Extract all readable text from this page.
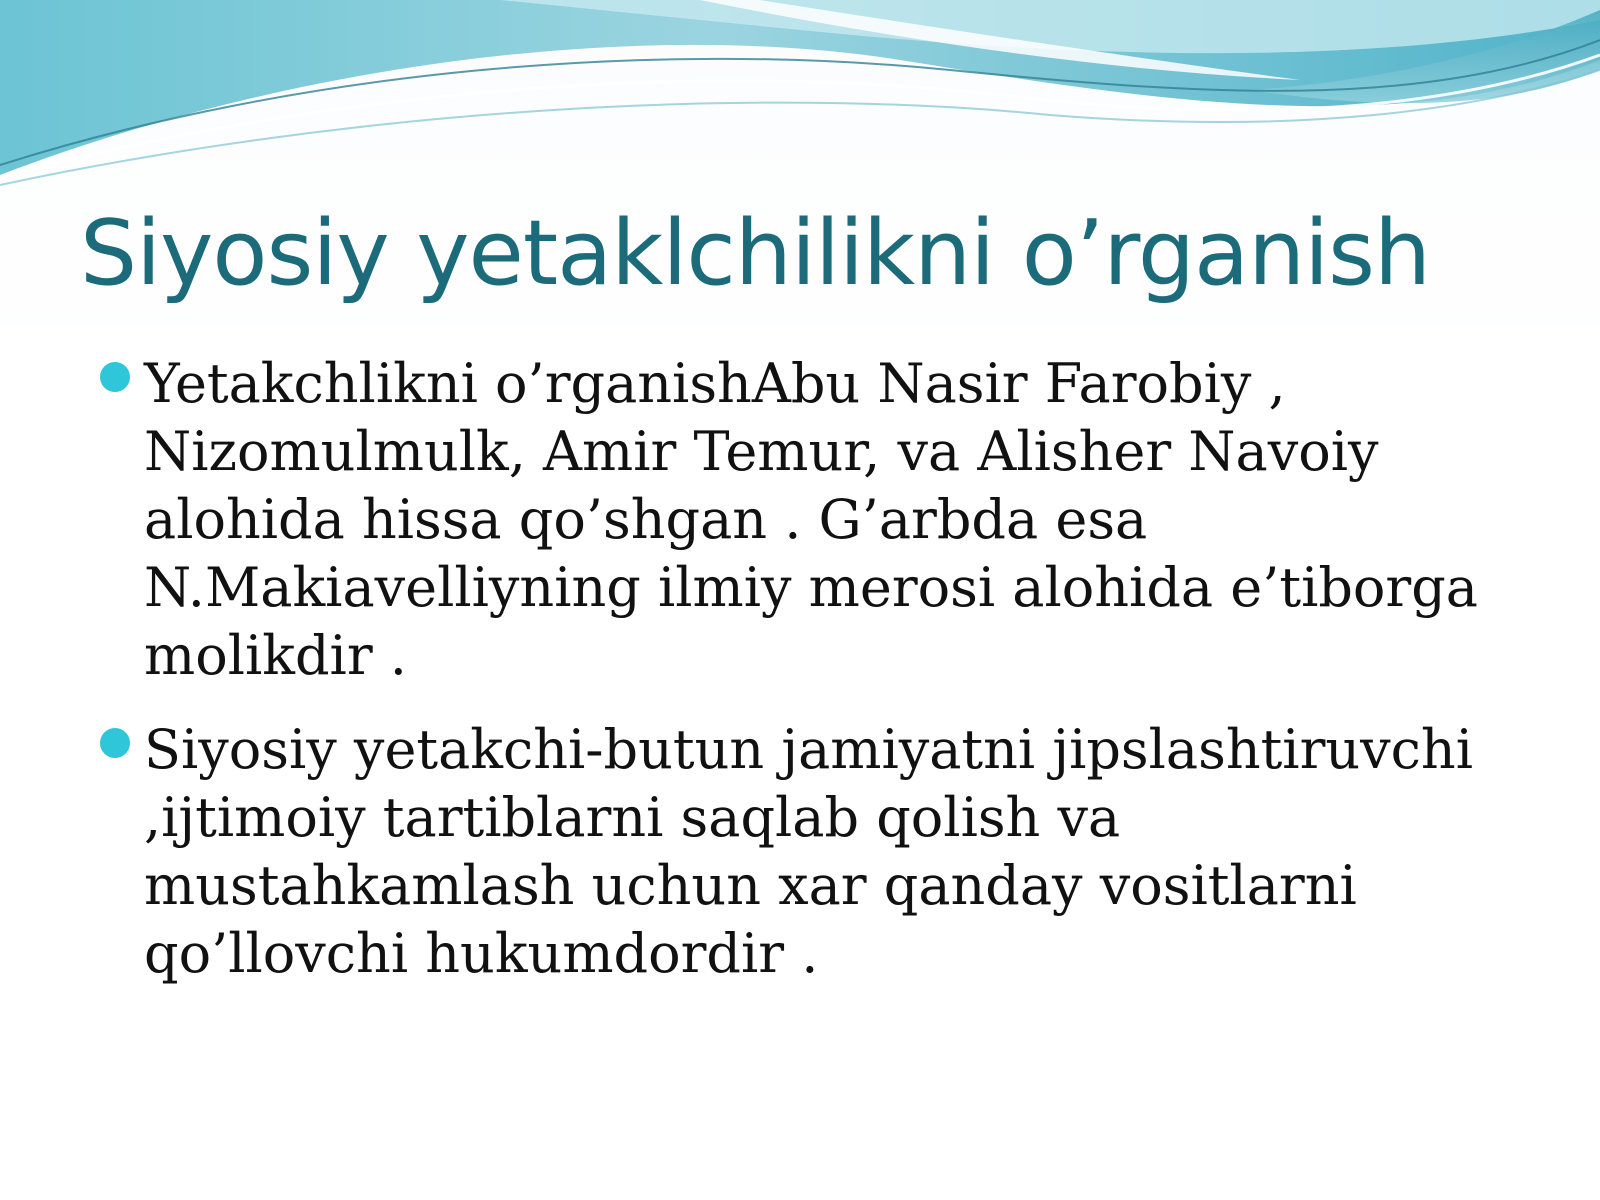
Siyosiy yetaklchilikni o’rganish
Yetakchlikni o’rganishAbu Nasir Farobiy , Nizomulmulk, Amir Temur, va Alisher Navoiy alohida hissa qo’shgan . G’arbda esa N.Makiavelliyning ilmiy merosi alohida e’tiborga molikdir .
Siyosiy yetakchi-butun jamiyatni jipslashtiruvchi ,ijtimoiy tartiblarni saqlab qolish va mustahkamlash uchun xar qanday vositlarni qo’llovchi hukumdordir .
